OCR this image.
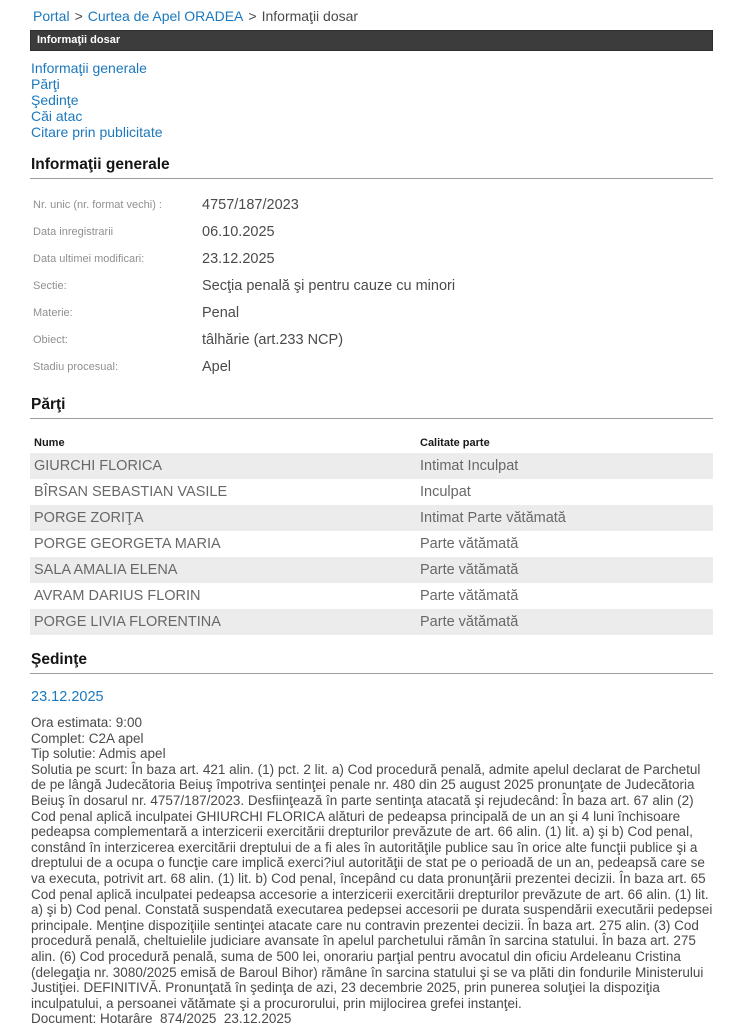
Portal > Curtea de Apel ORADEA > Informaţii dosar
Informaţii dosar
Informaţii generale
Părţi
Şedinţe
Căi atac
Citare prin publicitate
Informaţii generale
Nr. unic (nr. format vechi) :	4757/187/2023
Data inregistrarii	06.10.2025
Data ultimei modificari:	23.12.2025
Sectie:	Secţia penală şi pentru cauze cu minori
Materie:	Penal
Obiect:	tâlhărie (art.233 NCP)
Stadiu procesual:	Apel
Părţi
Nume	Calitate parte
GIURCHI FLORICA	Intimat Inculpat
BÎRSAN SEBASTIAN VASILE	Inculpat
PORGE ZORIŢA	Intimat Parte vătămată
PORGE GEORGETA MARIA	Parte vătămată
SALA AMALIA ELENA	Parte vătămată
AVRAM DARIUS FLORIN	Parte vătămată
PORGE LIVIA FLORENTINA	Parte vătămată
Şedinţe
23.12.2025
Ora estimata: 9:00
Complet: C2A apel
Tip solutie: Admis apel
Solutia pe scurt: În baza art. 421 alin. (1) pct. 2 lit. a) Cod procedură penală, admite apelul declarat de Parchetul de pe lângă Judecătoria Beiuş împotriva sentinţei penale nr. 480 din 25 august 2025 pronunţate de Judecătoria Beiuş în dosarul nr. 4757/187/2023. Desfiinţează în parte sentinţa atacată şi rejudecând: În baza art. 67 alin (2) Cod penal aplică inculpatei GHIURCHI FLORICA alături de pedeapsa principală de un an şi 4 luni închisoare pedeapsa complementară a interzicerii exercitării drepturilor prevăzute de art. 66 alin. (1) lit. a) şi b) Cod penal, constând în interzicerea exercitării dreptului de a fi ales în autorităţile publice sau în orice alte funcţii publice şi a dreptului de a ocupa o funcţie care implică exerci?iul autorităţii de stat pe o perioadă de un an, pedeapsă care se va executa, potrivit art. 68 alin. (1) lit. b) Cod penal, începând cu data pronunţării prezentei decizii. În baza art. 65 Cod penal aplică inculpatei pedeapsa accesorie a interzicerii exercitării drepturilor prevăzute de art. 66 alin. (1) lit. a) şi b) Cod penal. Constată suspendată executarea pedepsei accesorii pe durata suspendării executării pedepsei principale. Menţine dispoziţiile sentinţei atacate care nu contravin prezentei decizii. În baza art. 275 alin. (3) Cod procedură penală, cheltuielile judiciare avansate în apelul parchetului rămân în sarcina statului. În baza art. 275 alin. (6) Cod procedură penală, suma de 500 lei, onorariu parţial pentru avocatul din oficiu Ardeleanu Cristina (delegaţia nr. 3080/2025 emisă de Baroul Bihor) rămâne în sarcina statului şi se va plăti din fondurile Ministerului Justiţiei. DEFINITIVĂ. Pronunţată în şedinţa de azi, 23 decembrie 2025, prin punerea soluţiei la dispoziţia inculpatului, a persoanei vătămate şi a procurorului, prin mijlocirea grefei instanţei.
Document: Hotarâre  874/2025  23.12.2025
